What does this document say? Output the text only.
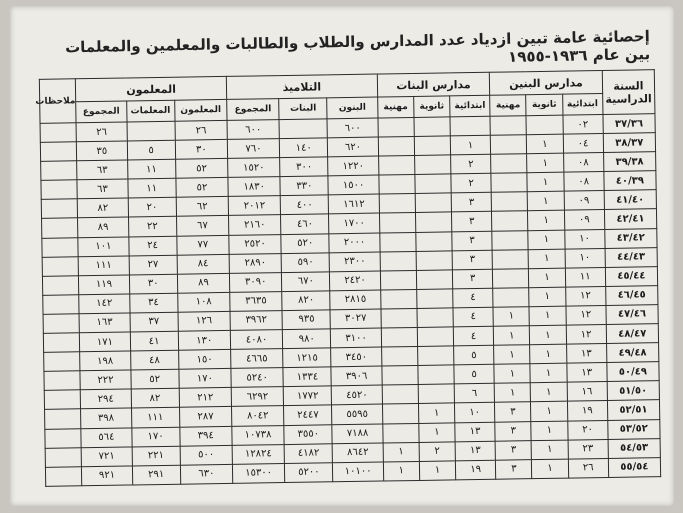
إحصائية عامة تبين ازدياد عدد المدارس والطلاب والطالبات والمعلمين والمعلمات بين عام ١٩٣٦-١٩٥٥
السنة الدراسية	مدارس البنين			مدارس البنات			التلاميذ			المعلمون			ملاحظات
	ابتدائية	ثانوية	مهنية	ابتدائية	ثانوية	مهنية	البنون	البنات	المجموع	المعلمون	المعلمات	المجموع	
٣٧/٣٦	٠٢						٦٠٠		٦٠٠	٢٦		٢٦	
٣٨/٣٧	٠٤	١		١			٦٢٠	١٤٠	٧٦٠	٣٠	٥	٣٥	
٣٩/٣٨	٠٨	١		٢			١٢٢٠	٣٠٠	١٥٢٠	٥٢	١١	٦٣	
٤٠/٣٩	٠٨	١		٢			١٥٠٠	٣٣٠	١٨٣٠	٥٢	١١	٦٣	
٤١/٤٠	٠٩	١		٣			١٦١٢	٤٠٠	٢٠١٢	٦٢	٢٠	٨٢	
٤٢/٤١	٠٩	١		٣			١٧٠٠	٤٦٠	٢١٦٠	٦٧	٢٢	٨٩	
٤٣/٤٢	١٠	١		٣			٢٠٠٠	٥٢٠	٢٥٢٠	٧٧	٢٤	١٠١	
٤٤/٤٣	١٠	١		٣			٢٣٠٠	٥٩٠	٢٨٩٠	٨٤	٢٧	١١١	
٤٥/٤٤	١١	١		٣			٢٤٢٠	٦٧٠	٣٠٩٠	٨٩	٣٠	١١٩	
٤٦/٤٥	١٢	١		٤			٢٨١٥	٨٢٠	٣٦٣٥	١٠٨	٣٤	١٤٢	
٤٧/٤٦	١٢	١	١	٤			٣٠٢٧	٩٣٥	٣٩٦٢	١٢٦	٣٧	١٦٣	
٤٨/٤٧	١٢	١	١	٤			٣١٠٠	٩٨٠	٤٠٨٠	١٣٠	٤١	١٧١	
٤٩/٤٨	١٣	١	١	٥			٣٤٥٠	١٢١٥	٤٦٦٥	١٥٠	٤٨	١٩٨	
٥٠/٤٩	١٣	١	١	٥			٣٩٠٦	١٣٣٤	٥٢٤٠	١٧٠	٥٢	٢٢٢	
٥١/٥٠	١٦	١	١	٦			٤٥٢٠	١٧٧٢	٦٢٩٢	٢١٢	٨٢	٢٩٤	
٥٢/٥١	١٩	١	٣	١٠	١		٥٥٩٥	٢٤٤٧	٨٠٤٢	٢٨٧	١١١	٣٩٨	
٥٣/٥٢	٢٠	١	٣	١٣	١		٧١٨٨	٣٥٥٠	١٠٧٣٨	٣٩٤	١٧٠	٥٦٤	
٥٤/٥٣	٢٣	١	٣	١٣	٢	١	٨٦٤٢	٤١٨٢	١٢٨٢٤	٥٠٠	٢٢١	٧٢١	
٥٥/٥٤	٢٦	١	٣	١٩	١	١	١٠١٠٠	٥٢٠٠	١٥٣٠٠	٦٣٠	٢٩١	٩٢١	
